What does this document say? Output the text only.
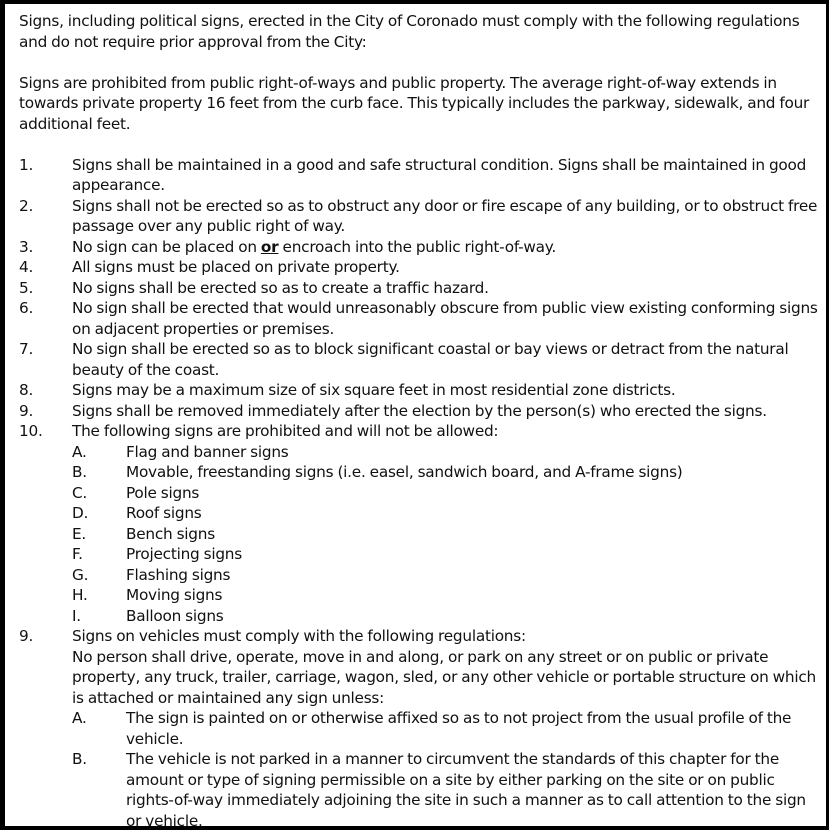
Signs, including political signs, erected in the City of Coronado must comply with the following regulations and do not require prior approval from the City:

Signs are prohibited from public right-of-ways and public property. The average right-of-way extends in towards private property 16 feet from the curb face. This typically includes the parkway, sidewalk, and four additional feet.

1.	Signs shall be maintained in a good and safe structural condition. Signs shall be maintained in good appearance.
2.	Signs shall not be erected so as to obstruct any door or fire escape of any building, or to obstruct free passage over any public right of way.
3.	No sign can be placed on or encroach into the public right-of-way.
4.	All signs must be placed on private property.
5.	No signs shall be erected so as to create a traffic hazard.
6.	No sign shall be erected that would unreasonably obscure from public view existing conforming signs on adjacent properties or premises.
7.	No sign shall be erected so as to block significant coastal or bay views or detract from the natural beauty of the coast.
8.	Signs may be a maximum size of six square feet in most residential zone districts.
9.	Signs shall be removed immediately after the election by the person(s) who erected the signs.
10.	The following signs are prohibited and will not be allowed:
A.	Flag and banner signs
B.	Movable, freestanding signs (i.e. easel, sandwich board, and A-frame signs)
C.	Pole signs
D.	Roof signs
E.	Bench signs
F.	Projecting signs
G.	Flashing signs
H.	Moving signs
I.	Balloon signs
9.	Signs on vehicles must comply with the following regulations:
No person shall drive, operate, move in and along, or park on any street or on public or private property, any truck, trailer, carriage, wagon, sled, or any other vehicle or portable structure on which is attached or maintained any sign unless:
A.	The sign is painted on or otherwise affixed so as to not project from the usual profile of the vehicle.
B.	The vehicle is not parked in a manner to circumvent the standards of this chapter for the amount or type of signing permissible on a site by either parking on the site or on public rights-of-way immediately adjoining the site in such a manner as to call attention to the sign or vehicle.
